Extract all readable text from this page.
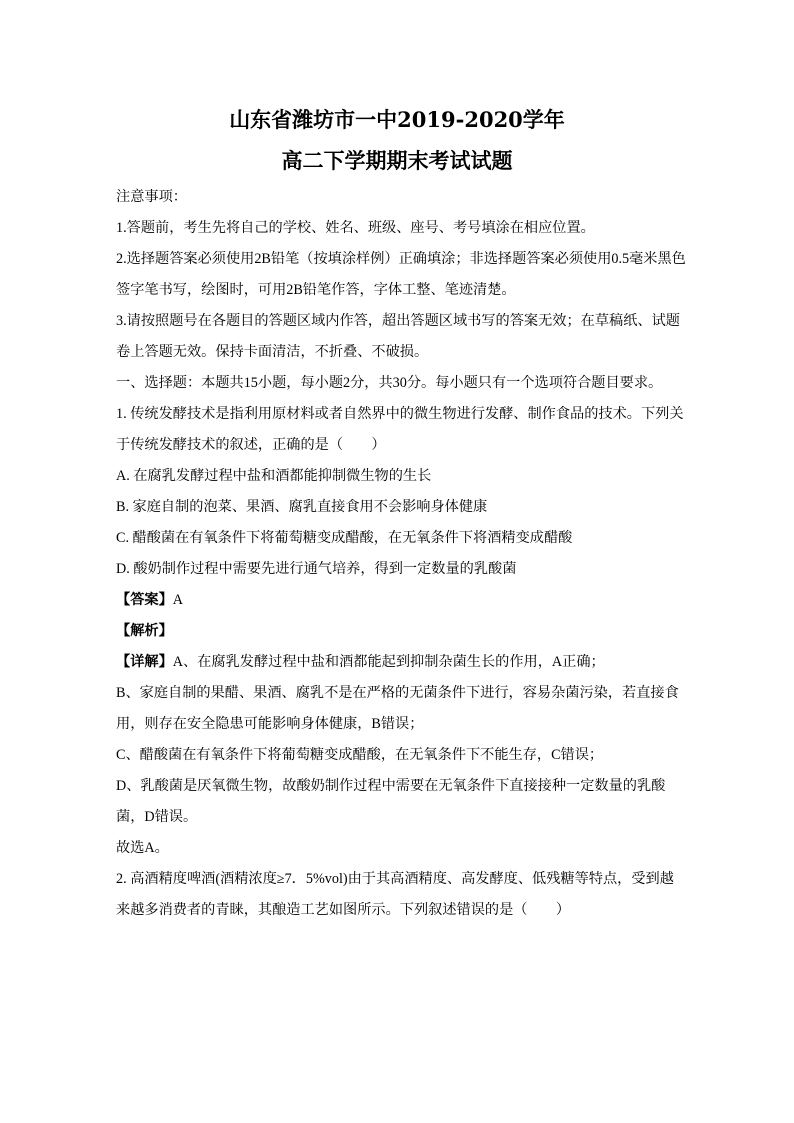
山东省潍坊市一中2019-2020学年
高二下学期期末考试试题
注意事项：
1.答题前，考生先将自己的学校、姓名、班级、座号、考号填涂在相应位置。
2.选择题答案必须使用2B铅笔（按填涂样例）正确填涂；非选择题答案必须使用0.5毫米黑色签字笔书写，绘图时，可用2B铅笔作答，字体工整、笔迹清楚。
3.请按照题号在各题目的答题区域内作答，超出答题区域书写的答案无效；在草稿纸、试题卷上答题无效。保持卡面清洁，不折叠、不破损。
一、选择题：本题共15小题，每小题2分，共30分。每小题只有一个选项符合题目要求。
1. 传统发酵技术是指利用原材料或者自然界中的微生物进行发酵、制作食品的技术。下列关于传统发酵技术的叙述，正确的是（　　）
A. 在腐乳发酵过程中盐和酒都能抑制微生物的生长
B. 家庭自制的泡菜、果酒、腐乳直接食用不会影响身体健康
C. 醋酸菌在有氧条件下将葡萄糖变成醋酸，在无氧条件下将酒精变成醋酸
D. 酸奶制作过程中需要先进行通气培养，得到一定数量的乳酸菌
【答案】A
【解析】
【详解】A、在腐乳发酵过程中盐和酒都能起到抑制杂菌生长的作用，A正确；
B、家庭自制的果醋、果酒、腐乳不是在严格的无菌条件下进行，容易杂菌污染，若直接食用，则存在安全隐患可能影响身体健康，B错误；
C、醋酸菌在有氧条件下将葡萄糖变成醋酸，在无氧条件下不能生存，C错误；
D、乳酸菌是厌氧微生物，故酸奶制作过程中需要在无氧条件下直接接种一定数量的乳酸菌，D错误。
故选A。
2. 高酒精度啤酒(酒精浓度≥7．5%vol)由于其高酒精度、高发酵度、低残糖等特点，受到越来越多消费者的青睐，其酿造工艺如图所示。下列叙述错误的是（　　）
